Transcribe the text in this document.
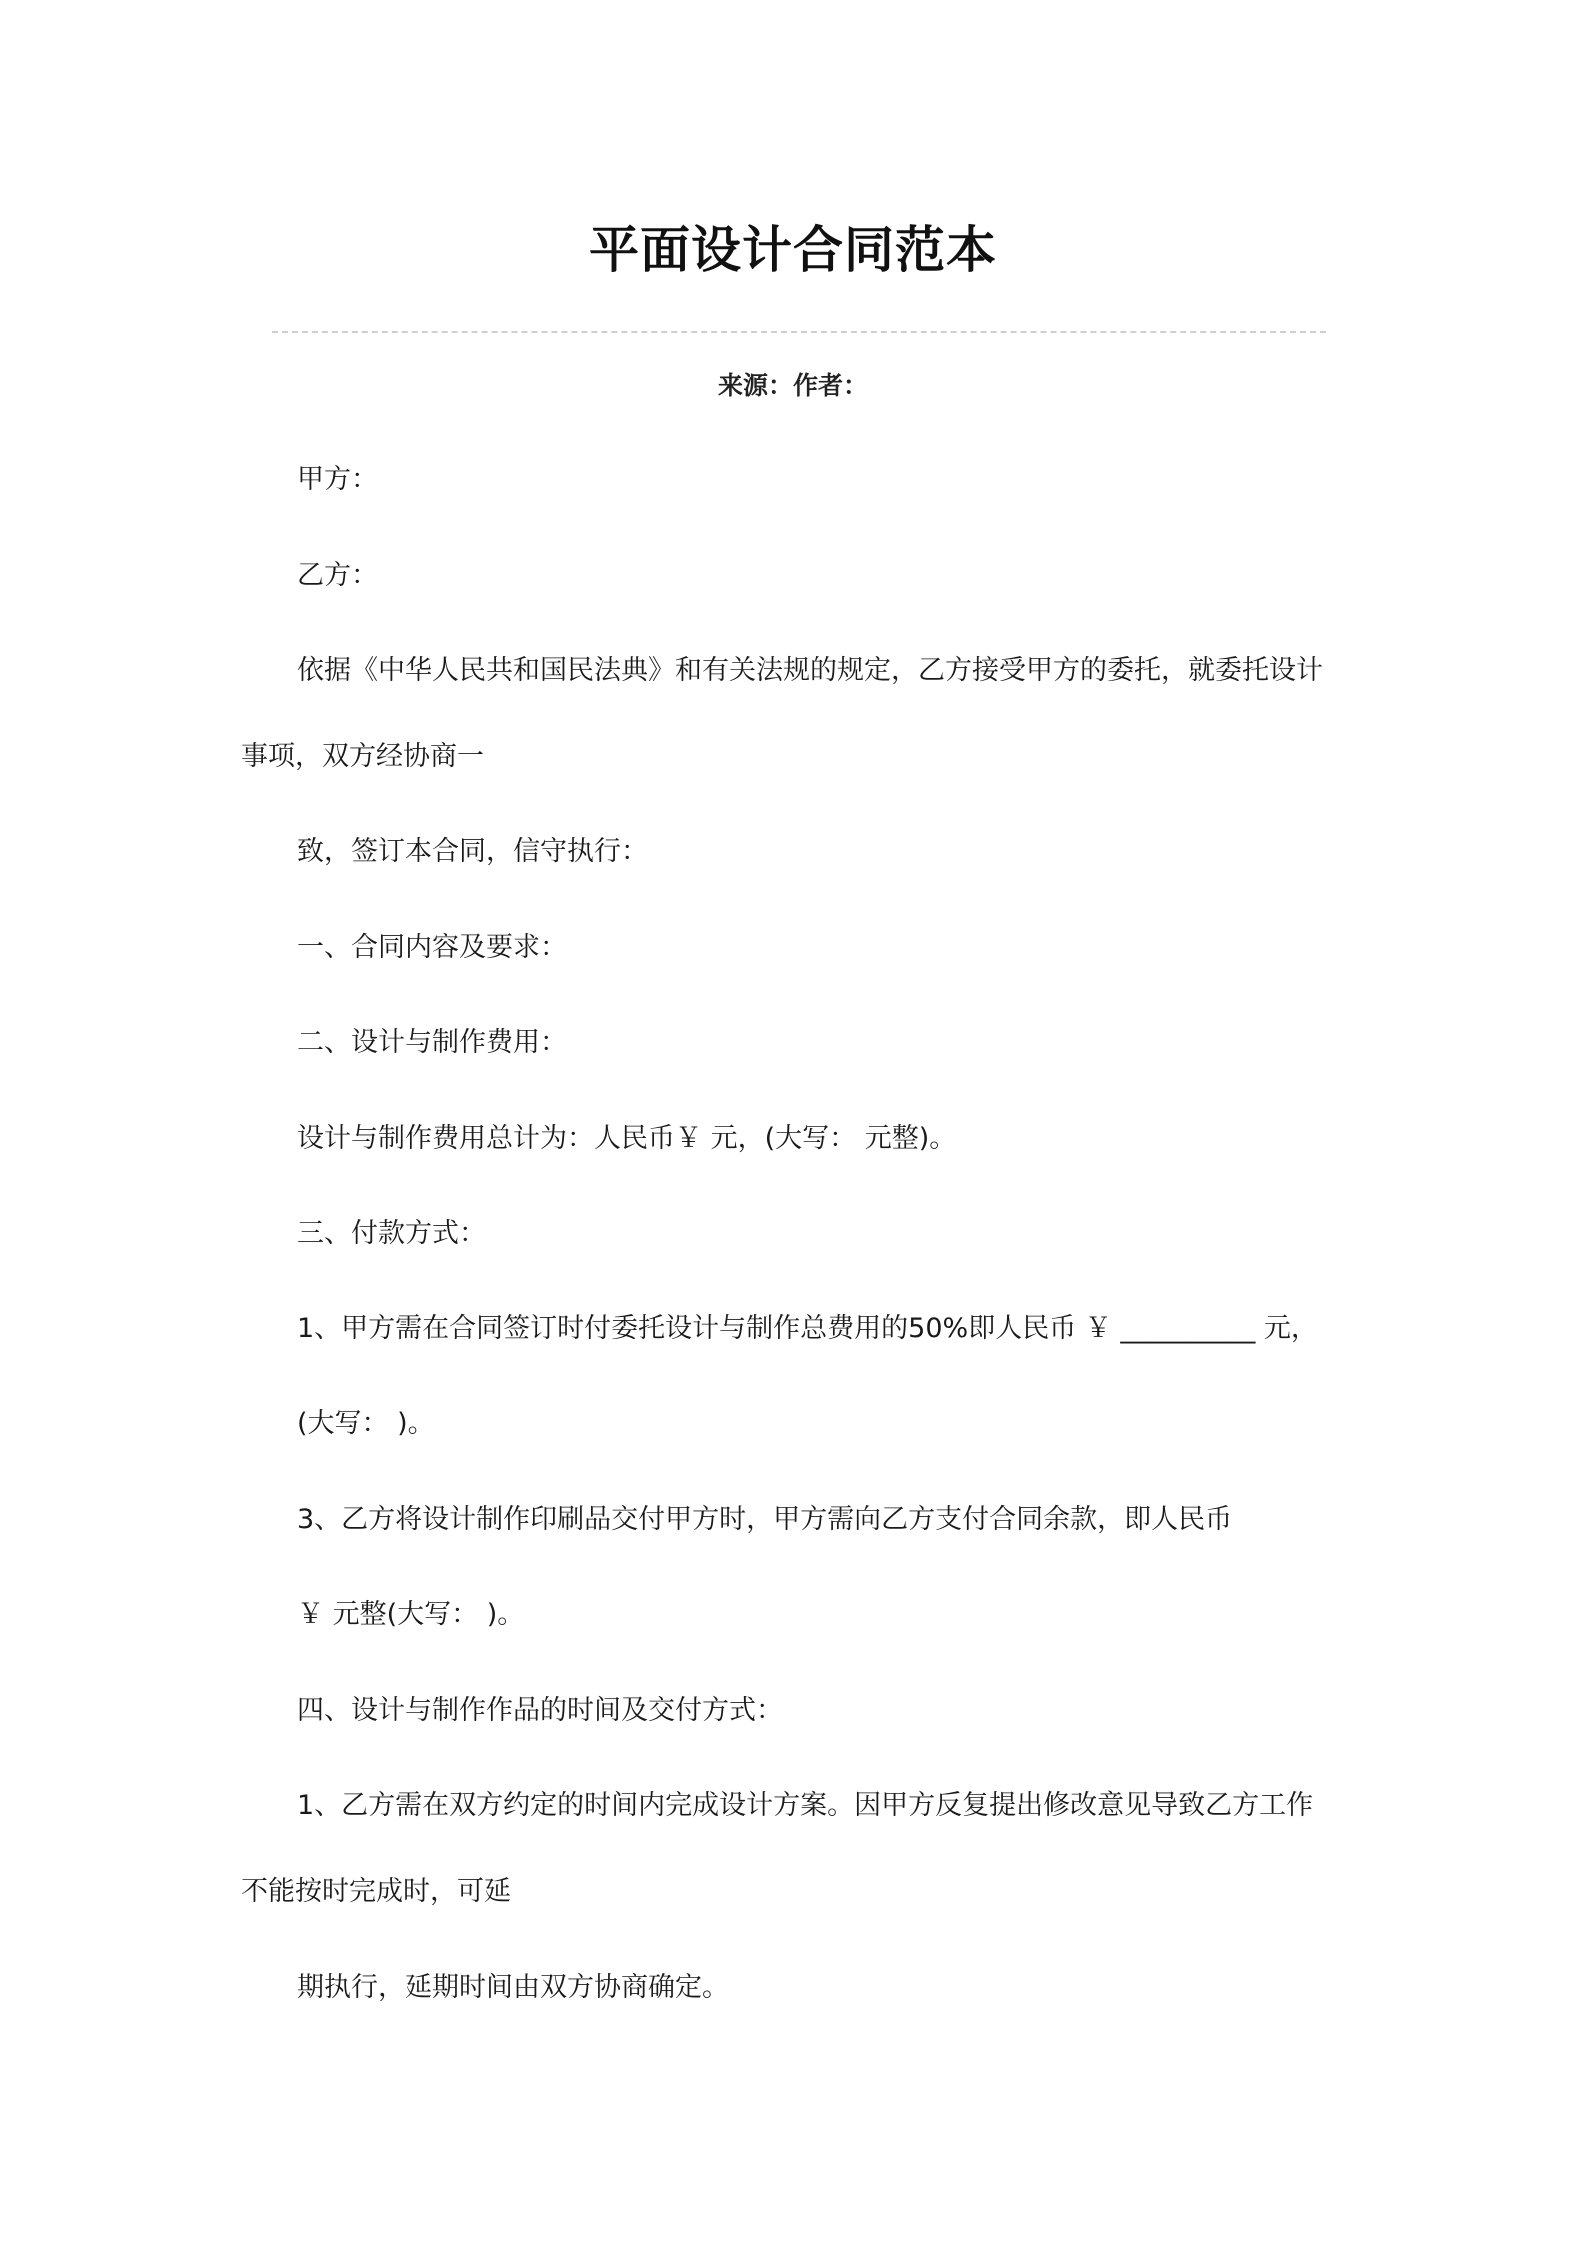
平面设计合同范本
来源：作者：
甲方：
乙方：
依据《中华人民共和国民法典》和有关法规的规定，乙方接受甲方的委托，就委托设计
事项，双方经协商一
致，签订本合同，信守执行：
一、合同内容及要求：
二、设计与制作费用：
设计与制作费用总计为：人民币￥ 元，(大写： 元整)。
三、付款方式：
1、甲方需在合同签订时付委托设计与制作总费用的50%即人民币 ￥ __________ 元，
(大写： )。
3、乙方将设计制作印刷品交付甲方时，甲方需向乙方支付合同余款，即人民币
￥ 元整(大写： )。
四、设计与制作作品的时间及交付方式：
1、乙方需在双方约定的时间内完成设计方案。因甲方反复提出修改意见导致乙方工作
不能按时完成时，可延
期执行，延期时间由双方协商确定。
